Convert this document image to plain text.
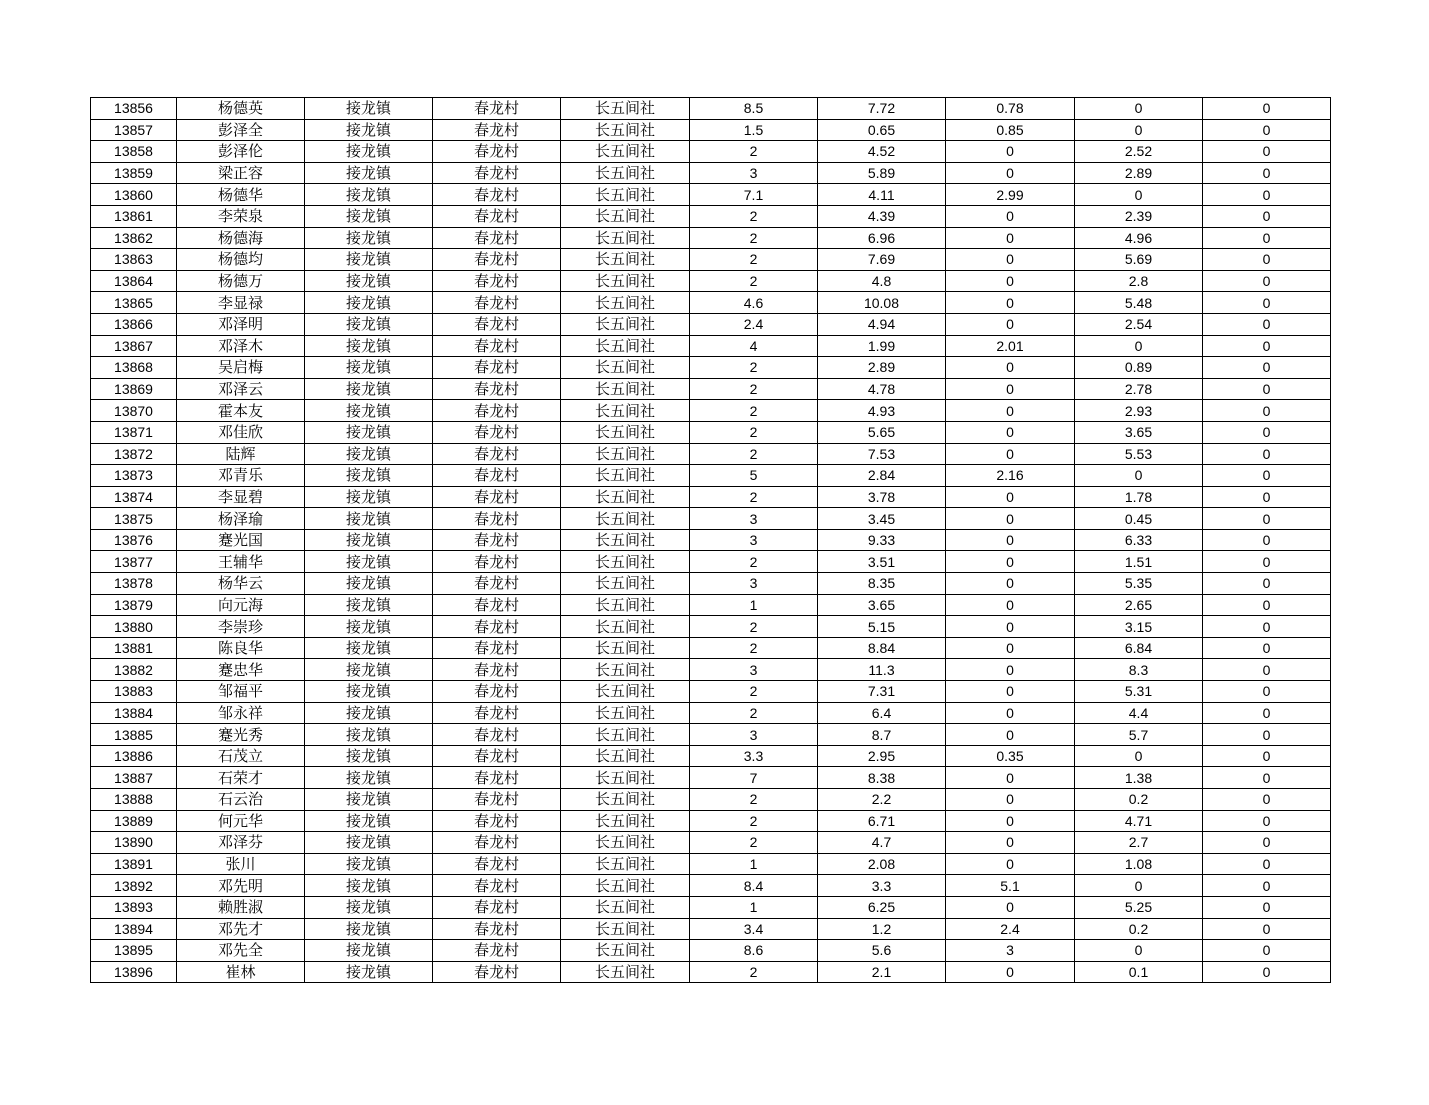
13856	杨德英	接龙镇	春龙村	长五间社	8.5	7.72	0.78	0	0
13857	彭泽全	接龙镇	春龙村	长五间社	1.5	0.65	0.85	0	0
13858	彭泽伦	接龙镇	春龙村	长五间社	2	4.52	0	2.52	0
13859	梁正容	接龙镇	春龙村	长五间社	3	5.89	0	2.89	0
13860	杨德华	接龙镇	春龙村	长五间社	7.1	4.11	2.99	0	0
13861	李荣泉	接龙镇	春龙村	长五间社	2	4.39	0	2.39	0
13862	杨德海	接龙镇	春龙村	长五间社	2	6.96	0	4.96	0
13863	杨德均	接龙镇	春龙村	长五间社	2	7.69	0	5.69	0
13864	杨德万	接龙镇	春龙村	长五间社	2	4.8	0	2.8	0
13865	李显禄	接龙镇	春龙村	长五间社	4.6	10.08	0	5.48	0
13866	邓泽明	接龙镇	春龙村	长五间社	2.4	4.94	0	2.54	0
13867	邓泽木	接龙镇	春龙村	长五间社	4	1.99	2.01	0	0
13868	吴启梅	接龙镇	春龙村	长五间社	2	2.89	0	0.89	0
13869	邓泽云	接龙镇	春龙村	长五间社	2	4.78	0	2.78	0
13870	霍本友	接龙镇	春龙村	长五间社	2	4.93	0	2.93	0
13871	邓佳欣	接龙镇	春龙村	长五间社	2	5.65	0	3.65	0
13872	陆辉	接龙镇	春龙村	长五间社	2	7.53	0	5.53	0
13873	邓青乐	接龙镇	春龙村	长五间社	5	2.84	2.16	0	0
13874	李显碧	接龙镇	春龙村	长五间社	2	3.78	0	1.78	0
13875	杨泽瑜	接龙镇	春龙村	长五间社	3	3.45	0	0.45	0
13876	蹇光国	接龙镇	春龙村	长五间社	3	9.33	0	6.33	0
13877	王辅华	接龙镇	春龙村	长五间社	2	3.51	0	1.51	0
13878	杨华云	接龙镇	春龙村	长五间社	3	8.35	0	5.35	0
13879	向元海	接龙镇	春龙村	长五间社	1	3.65	0	2.65	0
13880	李崇珍	接龙镇	春龙村	长五间社	2	5.15	0	3.15	0
13881	陈良华	接龙镇	春龙村	长五间社	2	8.84	0	6.84	0
13882	蹇忠华	接龙镇	春龙村	长五间社	3	11.3	0	8.3	0
13883	邹福平	接龙镇	春龙村	长五间社	2	7.31	0	5.31	0
13884	邹永祥	接龙镇	春龙村	长五间社	2	6.4	0	4.4	0
13885	蹇光秀	接龙镇	春龙村	长五间社	3	8.7	0	5.7	0
13886	石茂立	接龙镇	春龙村	长五间社	3.3	2.95	0.35	0	0
13887	石荣才	接龙镇	春龙村	长五间社	7	8.38	0	1.38	0
13888	石云治	接龙镇	春龙村	长五间社	2	2.2	0	0.2	0
13889	何元华	接龙镇	春龙村	长五间社	2	6.71	0	4.71	0
13890	邓泽芬	接龙镇	春龙村	长五间社	2	4.7	0	2.7	0
13891	张川	接龙镇	春龙村	长五间社	1	2.08	0	1.08	0
13892	邓先明	接龙镇	春龙村	长五间社	8.4	3.3	5.1	0	0
13893	赖胜淑	接龙镇	春龙村	长五间社	1	6.25	0	5.25	0
13894	邓先才	接龙镇	春龙村	长五间社	3.4	1.2	2.4	0.2	0
13895	邓先全	接龙镇	春龙村	长五间社	8.6	5.6	3	0	0
13896	崔林	接龙镇	春龙村	长五间社	2	2.1	0	0.1	0
